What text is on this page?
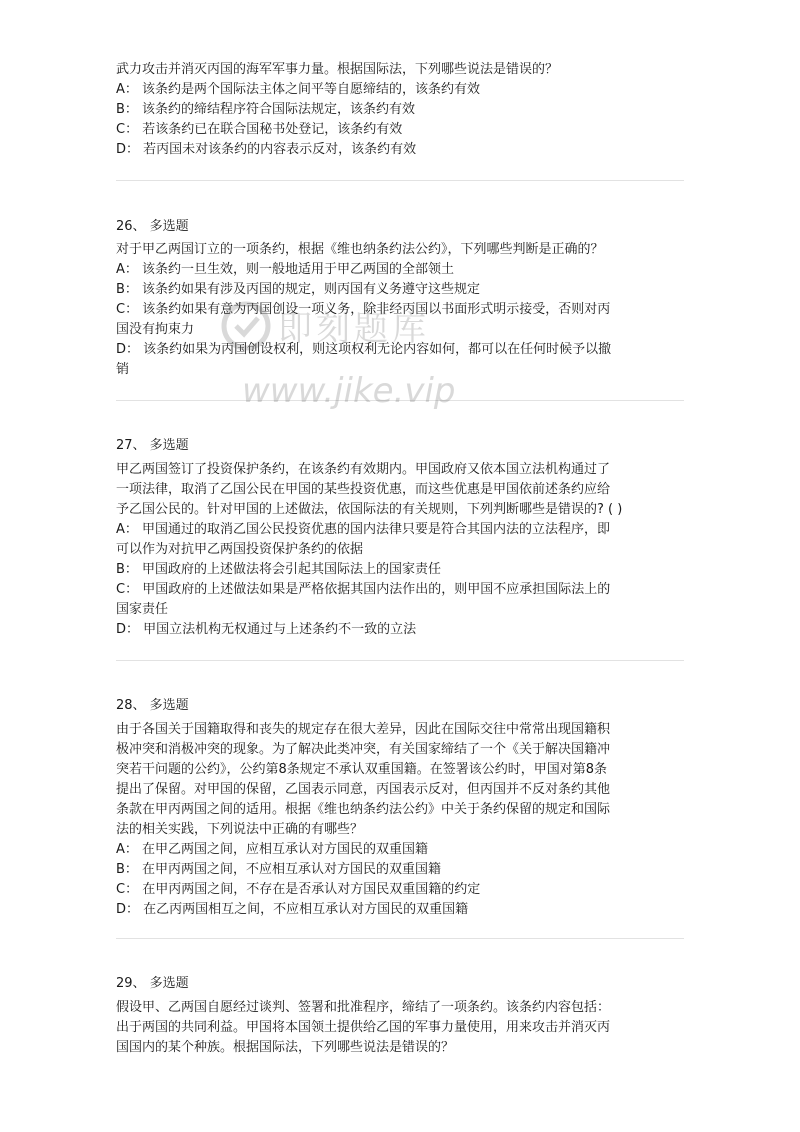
武力攻击并消灭丙国的海军军事力量。根据国际法，下列哪些说法是错误的？
A： 该条约是两个国际法主体之间平等自愿缔结的，该条约有效
B： 该条约的缔结程序符合国际法规定，该条约有效
C： 若该条约已在联合国秘书处登记，该条约有效
D： 若丙国未对该条约的内容表示反对，该条约有效
26、 多选题
对于甲乙两国订立的一项条约，根据《维也纳条约法公约》，下列哪些判断是正确的？
A： 该条约一旦生效，则一般地适用于甲乙两国的全部领土
B： 该条约如果有涉及丙国的规定，则丙国有义务遵守这些规定
C： 该条约如果有意为丙国创设一项义务，除非经丙国以书面形式明示接受，否则对丙
国没有拘束力
D： 该条约如果为丙国创设权利，则这项权利无论内容如何，都可以在任何时候予以撤
销
27、 多选题
甲乙两国签订了投资保护条约，在该条约有效期内。甲国政府又依本国立法机构通过了
一项法律，取消了乙国公民在甲国的某些投资优惠，而这些优惠是甲国依前述条约应给
予乙国公民的。针对甲国的上述做法，依国际法的有关规则，下列判断哪些是错误的? ( )
A： 甲国通过的取消乙国公民投资优惠的国内法律只要是符合其国内法的立法程序，即
可以作为对抗甲乙两国投资保护条约的依据
B： 甲国政府的上述做法将会引起其国际法上的国家责任
C： 甲国政府的上述做法如果是严格依据其国内法作出的，则甲国不应承担国际法上的
国家责任
D： 甲国立法机构无权通过与上述条约不一致的立法
28、 多选题
由于各国关于国籍取得和丧失的规定存在很大差异，因此在国际交往中常常出现国籍积
极冲突和消极冲突的现象。为了解决此类冲突，有关国家缔结了一个《关于解决国籍冲
突若干问题的公约》，公约第8条规定不承认双重国籍。在签署该公约时，甲国对第8条
提出了保留。对甲国的保留，乙国表示同意，丙国表示反对，但丙国并不反对条约其他
条款在甲丙两国之间的适用。根据《维也纳条约法公约》中关于条约保留的规定和国际
法的相关实践，下列说法中正确的有哪些？
A： 在甲乙两国之间，应相互承认对方国民的双重国籍
B： 在甲丙两国之间，不应相互承认对方国民的双重国籍
C： 在甲丙两国之间，不存在是否承认对方国民双重国籍的约定
D： 在乙丙两国相互之间，不应相互承认对方国民的双重国籍
29、 多选题
假设甲、乙两国自愿经过谈判、签署和批准程序，缔结了一项条约。该条约内容包括：
出于两国的共同利益。甲国将本国领土提供给乙国的军事力量使用，用来攻击并消灭丙
国国内的某个种族。根据国际法，下列哪些说法是错误的？
即刻题库
www.jike.vip
